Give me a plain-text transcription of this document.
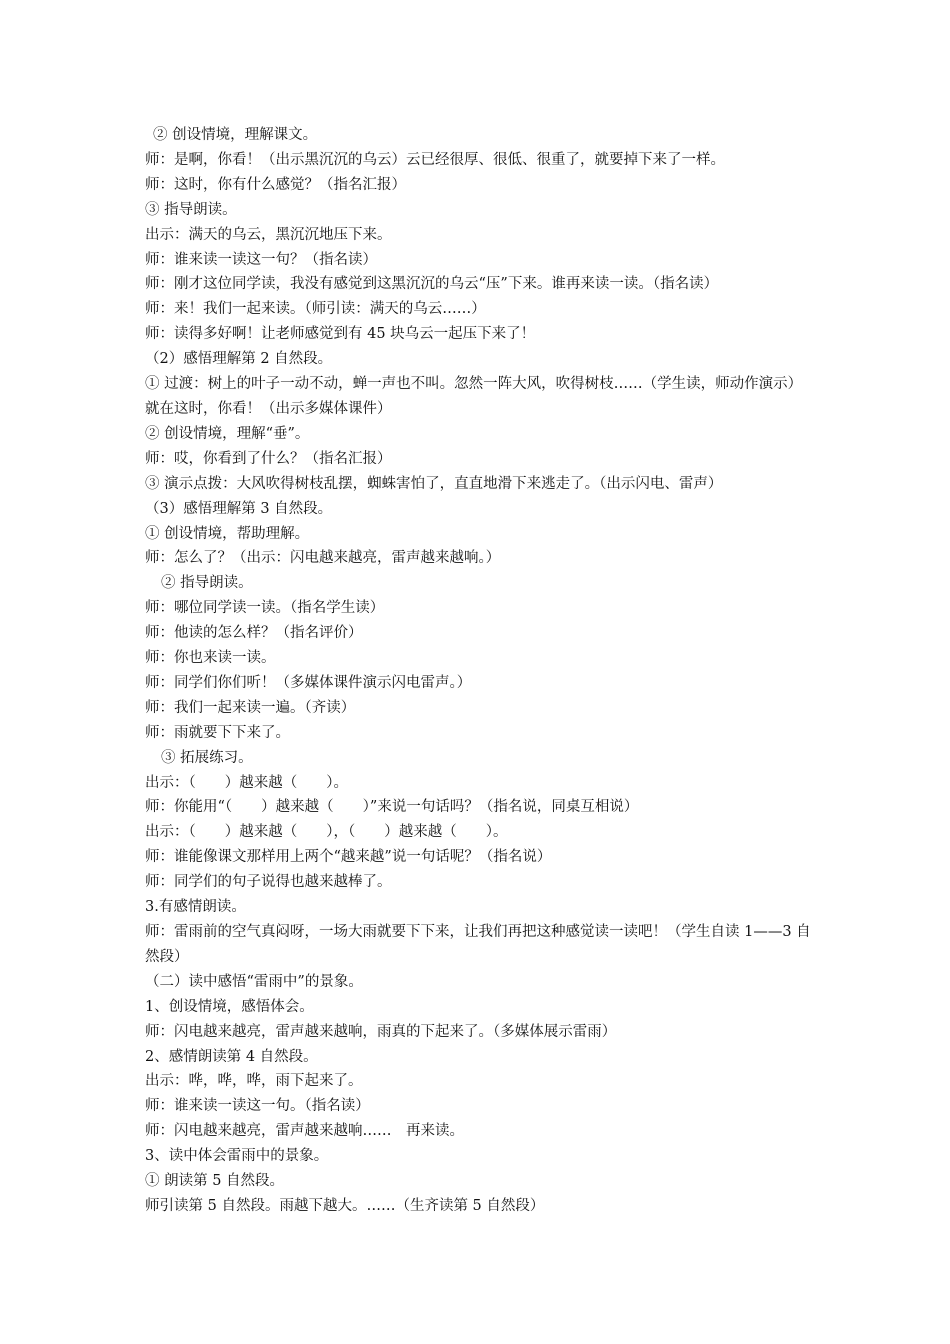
② 创设情境，理解课文。

师：是啊，你看！（出示黑沉沉的乌云）云已经很厚、很低、很重了，就要掉下来了一样。

师：这时，你有什么感觉？（指名汇报）

③ 指导朗读。

出示：满天的乌云，黑沉沉地压下来。

师：谁来读一读这一句？（指名读）

师：刚才这位同学读，我没有感觉到这黑沉沉的乌云“压”下来。谁再来读一读。（指名读）

师：来！我们一起来读。（师引读：满天的乌云……）

师：读得多好啊！让老师感觉到有 45 块乌云一起压下来了！

（2）感悟理解第 2 自然段。

① 过渡：树上的叶子一动不动，蝉一声也不叫。忽然一阵大风，吹得树枝……（学生读，师动作演示）就在这时，你看！（出示多媒体课件）

② 创设情境，理解“垂”。

师：哎，你看到了什么？（指名汇报）

③ 演示点拨：大风吹得树枝乱摆，蜘蛛害怕了，直直地滑下来逃走了。（出示闪电、雷声）

（3）感悟理解第 3 自然段。

① 创设情境，帮助理解。

师：怎么了？（出示：闪电越来越亮，雷声越来越响。）

② 指导朗读。

师：哪位同学读一读。（指名学生读）

师：他读的怎么样？（指名评价）

师：你也来读一读。

师：同学们你们听！（多媒体课件演示闪电雷声。）

师：我们一起来读一遍。（齐读）

师：雨就要下下来了。

③ 拓展练习。

出示：（　　）越来越（　　）。

师：你能用“（　　）越来越（　　）”来说一句话吗？（指名说，同桌互相说）

出示：（　　）越来越（　　），（　　）越来越（　　）。

师：谁能像课文那样用上两个“越来越”说一句话呢？（指名说）

师：同学们的句子说得也越来越棒了。

3.有感情朗读。

师：雷雨前的空气真闷呀，一场大雨就要下下来，让我们再把这种感觉读一读吧！（学生自读 1——3 自然段）

（二）读中感悟“雷雨中”的景象。

1、创设情境，感悟体会。

师：闪电越来越亮，雷声越来越响，雨真的下起来了。（多媒体展示雷雨）

2、感情朗读第 4 自然段。

出示：哗，哗，哗，雨下起来了。

师：谁来读一读这一句。（指名读）

师：闪电越来越亮，雷声越来越响……　再来读。

3、读中体会雷雨中的景象。

① 朗读第 5 自然段。

师引读第 5 自然段。雨越下越大。……（生齐读第 5 自然段）
